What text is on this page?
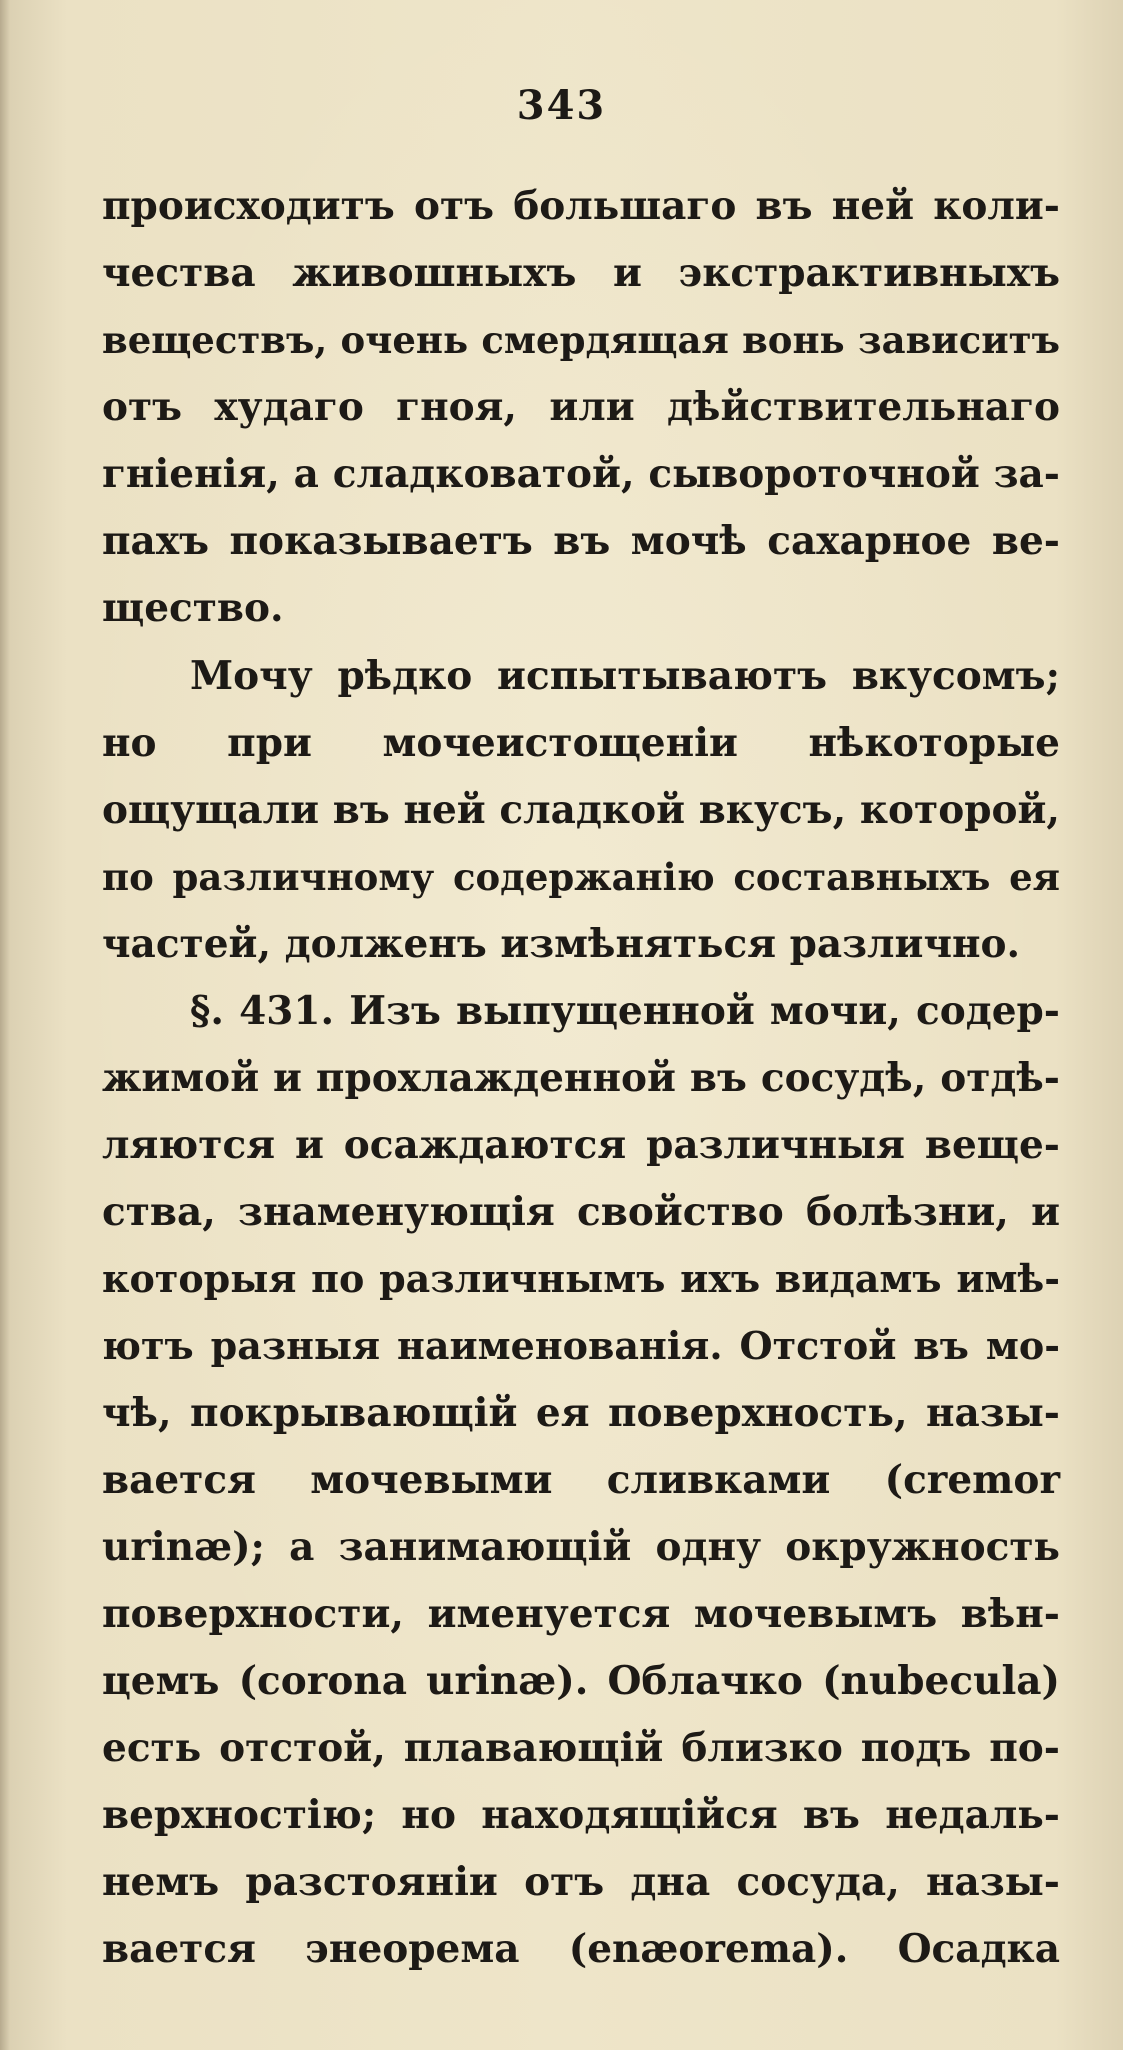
343
происходитъ отъ большаго въ ней коли-
чества живошныхъ и экстрактивныхъ
веществъ, очень смердящая вонь зависитъ
отъ худаго гноя, или дѣйствительнаго
гніенія, а сладковатой, сывороточной за-
пахъ показываетъ въ мочѣ сахарное ве-
щество.
Мочу рѣдко испытываютъ вкусомъ;
но при мочеистощеніи нѣкоторые
ощущали въ ней сладкой вкусъ, которой,
по различному содержанію составныхъ ея
частей, долженъ измѣняться различно.
§. 431. Изъ выпущенной мочи, содер-
жимой и прохлажденной въ сосудѣ, отдѣ-
ляются и осаждаются различныя веще-
ства, знаменующія свойство болѣзни, и
которыя по различнымъ ихъ видамъ имѣ-
ютъ разныя наименованія. Отстой въ мо-
чѣ, покрывающій ея поверхность, назы-
вается мочевыми сливками (cremor
urinæ); а занимающій одну окружность
поверхности, именуется мочевымъ вѣн-
цемъ (corona urinæ). Облачко (nubecula)
есть отстой, плавающій близко подъ по-
верхностію; но находящійся въ недаль-
немъ разстояніи отъ дна сосуда, назы-
вается энеорема (enæorema). Осадка
